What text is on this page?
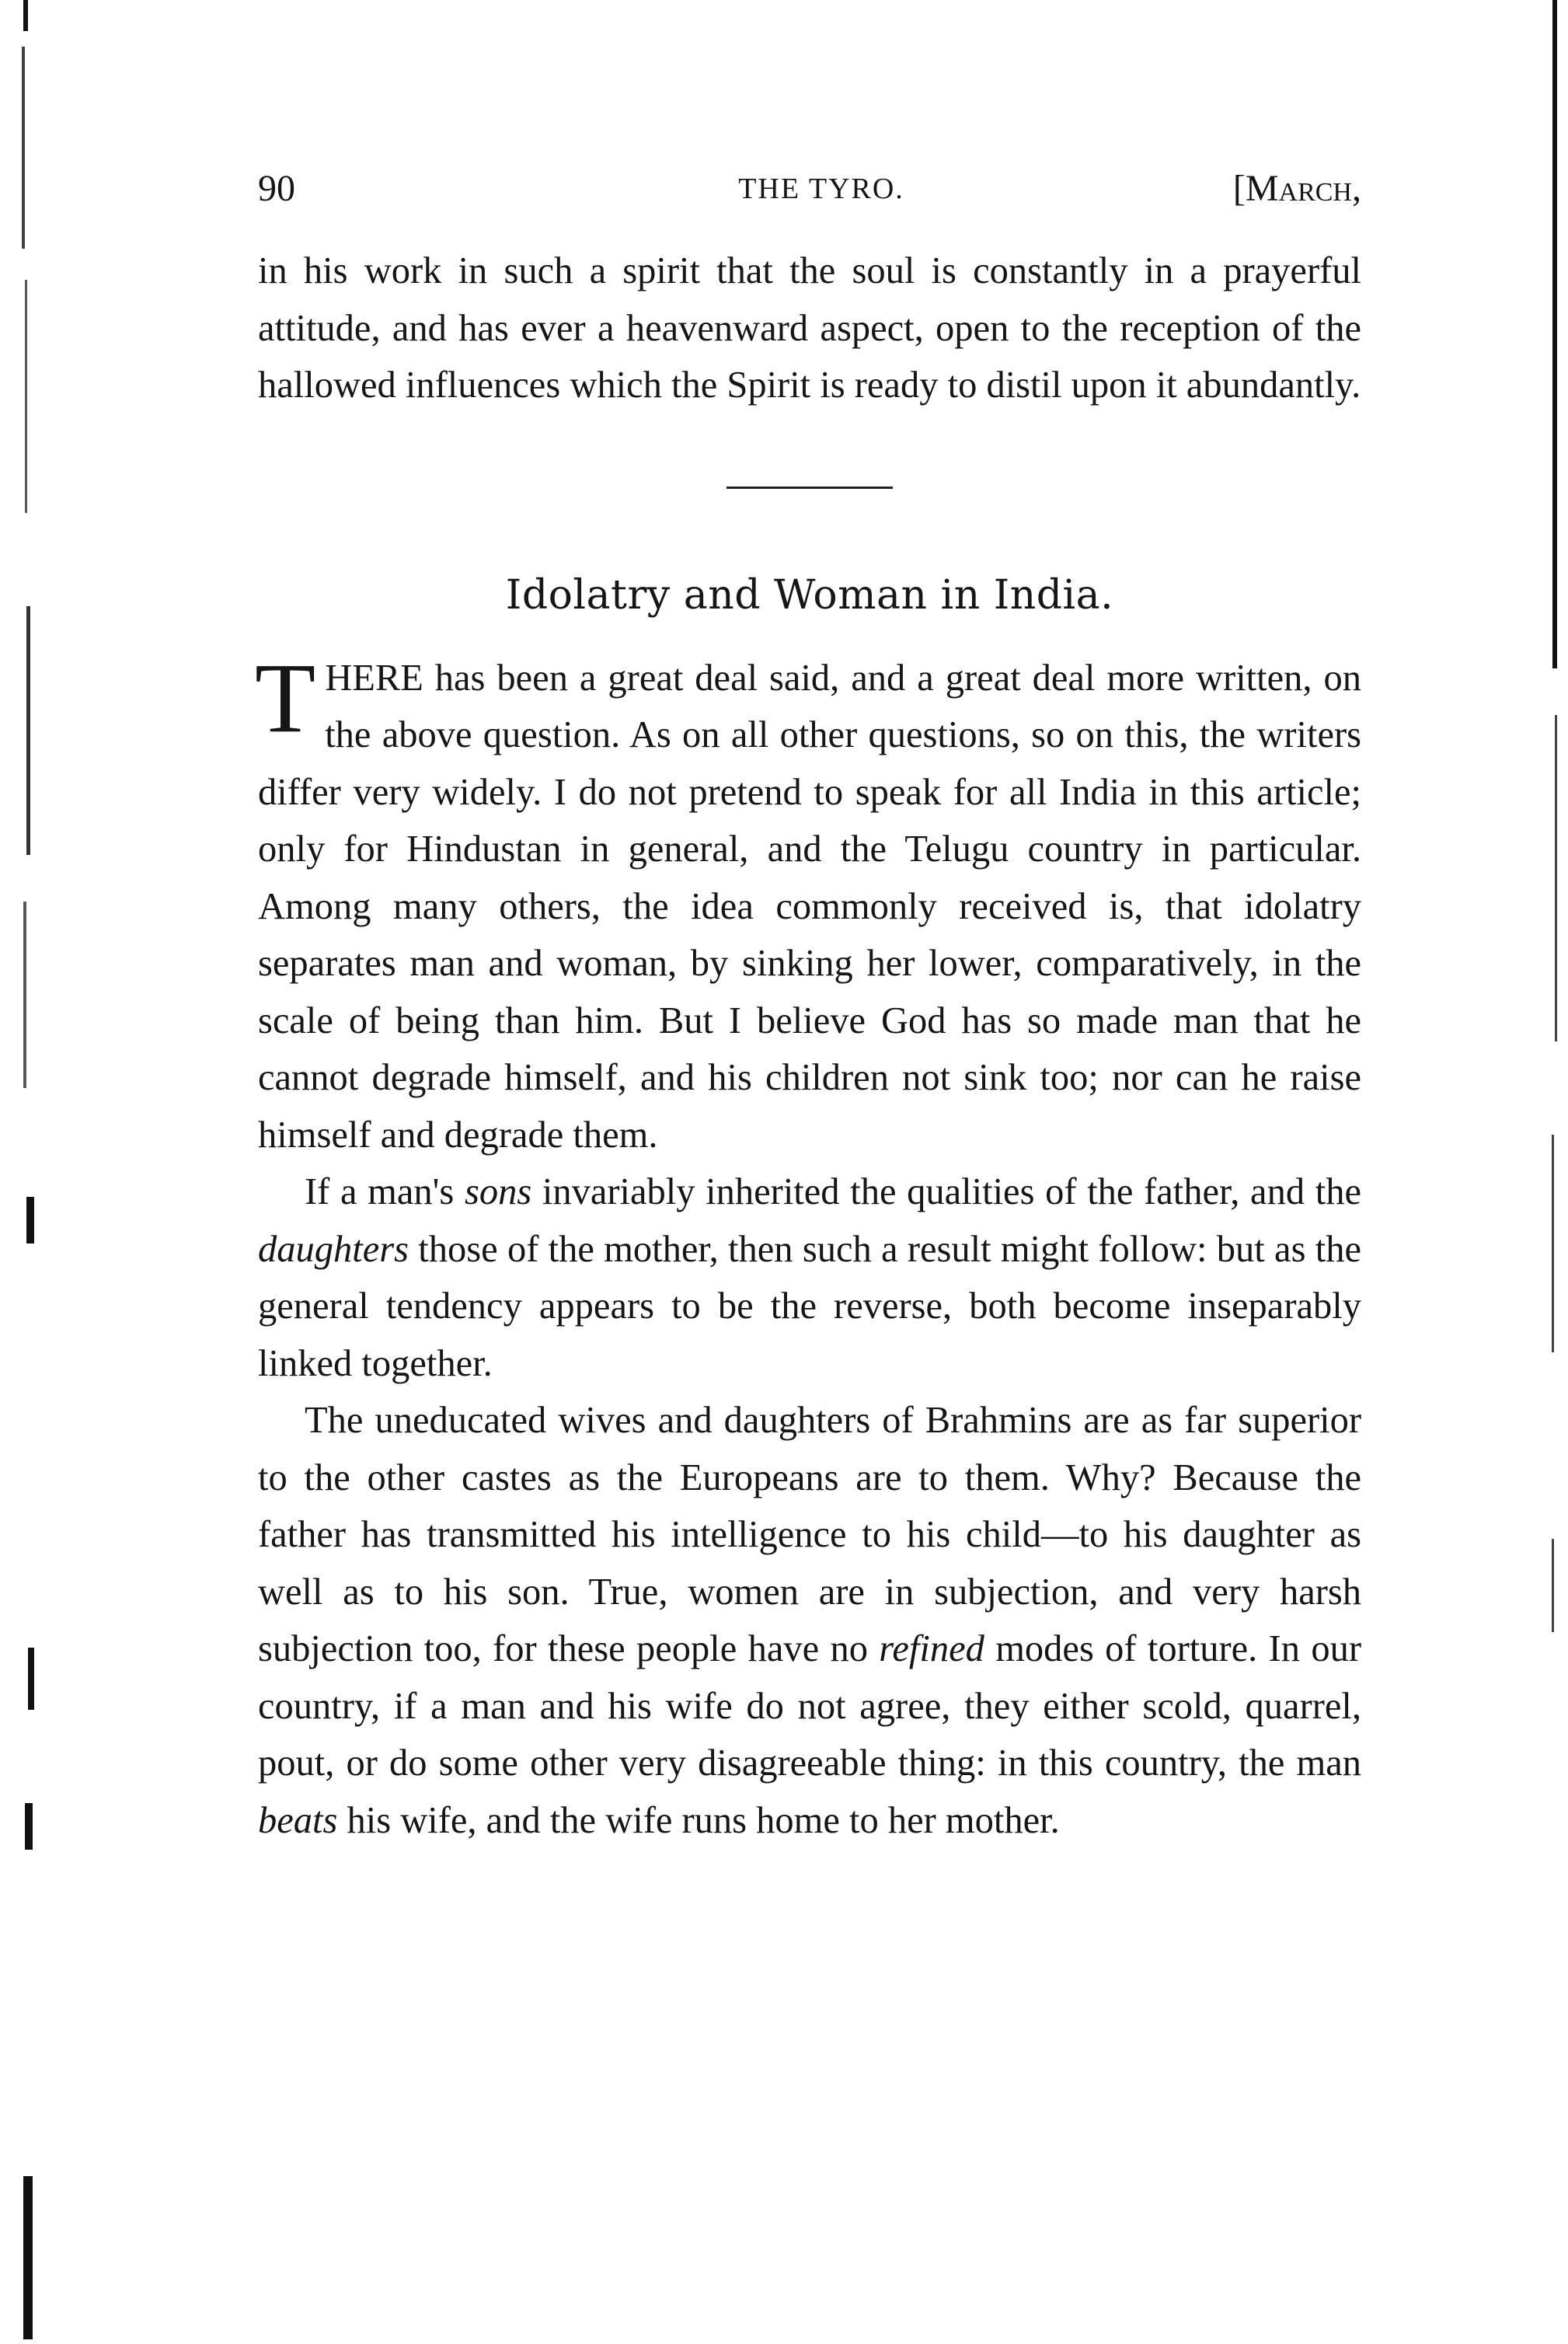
90	THE TYRO.	[March,

in his work in such a spirit that the soul is constantly in a prayerful attitude, and has ever a heavenward aspect, open to the reception of the hallowed influences which the Spirit is ready to distil upon it abundantly.

Idolatry and Woman in India.

THERE has been a great deal said, and a great deal more written, on the above question. As on all other questions, so on this, the writers differ very widely. I do not pretend to speak for all India in this article; only for Hindustan in general, and the Telugu country in particular. Among many others, the idea commonly received is, that idolatry separates man and woman, by sinking her lower, comparatively, in the scale of being than him. But I believe God has so made man that he cannot degrade himself, and his children not sink too; nor can he raise himself and degrade them.

If a man's sons invariably inherited the qualities of the father, and the daughters those of the mother, then such a result might follow: but as the general tendency appears to be the reverse, both become inseparably linked together.

The uneducated wives and daughters of Brahmins are as far superior to the other castes as the Europeans are to them. Why? Because the father has transmitted his intelligence to his child—to his daughter as well as to his son. True, women are in subjection, and very harsh subjection too, for these people have no refined modes of torture. In our country, if a man and his wife do not agree, they either scold, quarrel, pout, or do some other very disagreeable thing: in this country, the man beats his wife, and the wife runs home to her mother.
